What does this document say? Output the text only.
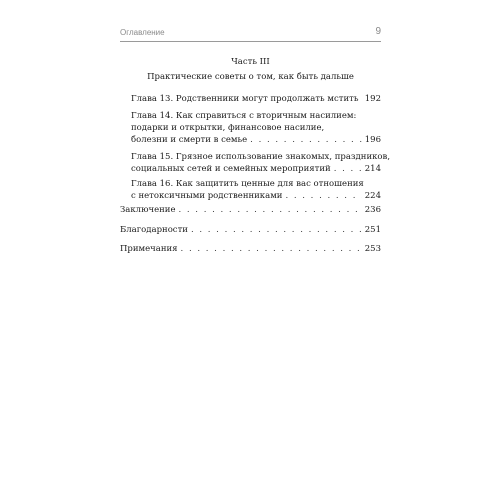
Оглавление	9
Часть III
Практические советы о том, как быть дальше
Глава 13. Родственники могут продолжать мстить . . . 192
Глава 14. Как справиться с вторичным насилием:
подарки и открытки, финансовое насилие,
болезни и смерти в семье . . .	196
Глава 15. Грязное использование знакомых, праздников,
социальных сетей и семейных мероприятий . . .	214
Глава 16. Как защитить ценные для вас отношения
с нетоксичными родственниками . . .	224
Заключение . . .	236
Благодарности . . .	251
Примечания . . .	253
